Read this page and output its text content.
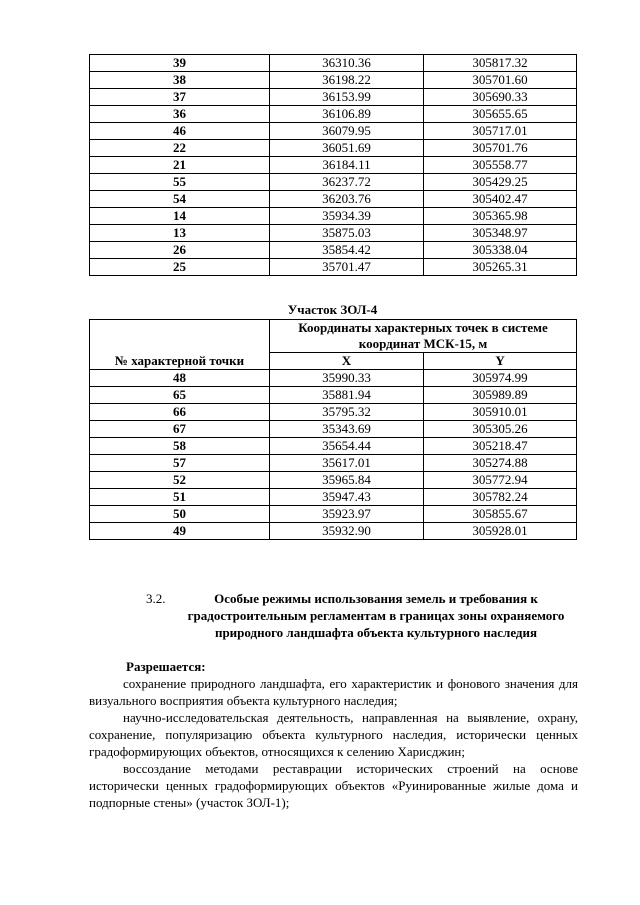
39	36310.36	305817.32
38	36198.22	305701.60
37	36153.99	305690.33
36	36106.89	305655.65
46	36079.95	305717.01
22	36051.69	305701.76
21	36184.11	305558.77
55	36237.72	305429.25
54	36203.76	305402.47
14	35934.39	305365.98
13	35875.03	305348.97
26	35854.42	305338.04
25	35701.47	305265.31
Участок ЗОЛ-4
№ характерной точки	Координаты характерных точек в системе координат МСК-15, м	
	X	Y
48	35990.33	305974.99
65	35881.94	305989.89
66	35795.32	305910.01
67	35343.69	305305.26
58	35654.44	305218.47
57	35617.01	305274.88
52	35965.84	305772.94
51	35947.43	305782.24
50	35923.97	305855.67
49	35932.90	305928.01
3.2.	Особые режимы использования земель и требования к градостроительным регламентам в границах зоны охраняемого природного ландшафта объекта культурного наследия
Разрешается:

сохранение природного ландшафта, его характеристик и фонового значения для визуального восприятия объекта культурного наследия;

научно-исследовательская деятельность, направленная на выявление, охрану, сохранение, популяризацию объекта культурного наследия, исторически ценных градоформирующих объектов, относящихся к селению Харисджин;

воссоздание методами реставрации исторических строений на основе исторически ценных градоформирующих объектов «Руинированные жилые дома и подпорные стены» (участок ЗОЛ-1);
